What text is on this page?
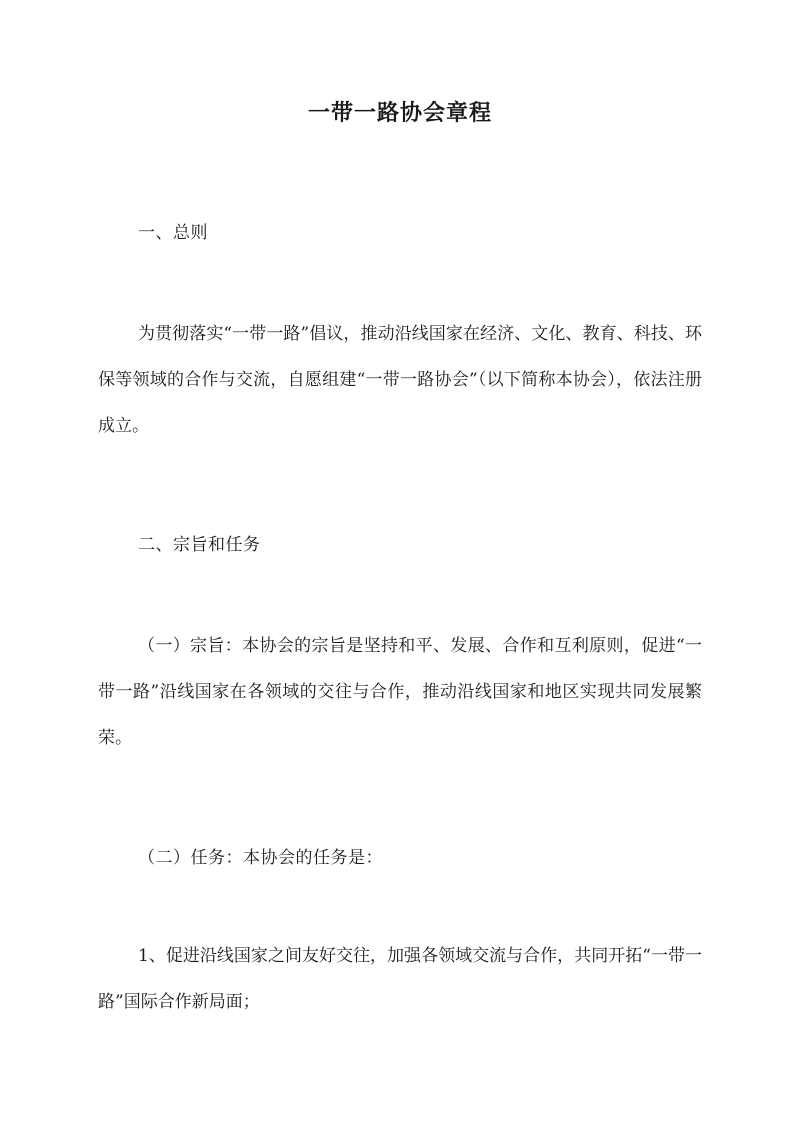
一带一路协会章程
一、总则
为贯彻落实“一带一路”倡议，推动沿线国家在经济、文化、教育、科技、环保等领域的合作与交流，自愿组建“一带一路协会”（以下简称本协会），依法注册成立。
二、宗旨和任务
（一）宗旨：本协会的宗旨是坚持和平、发展、合作和互利原则，促进“一带一路”沿线国家在各领域的交往与合作，推动沿线国家和地区实现共同发展繁荣。
（二）任务：本协会的任务是：
1、促进沿线国家之间友好交往，加强各领域交流与合作，共同开拓“一带一路”国际合作新局面；
